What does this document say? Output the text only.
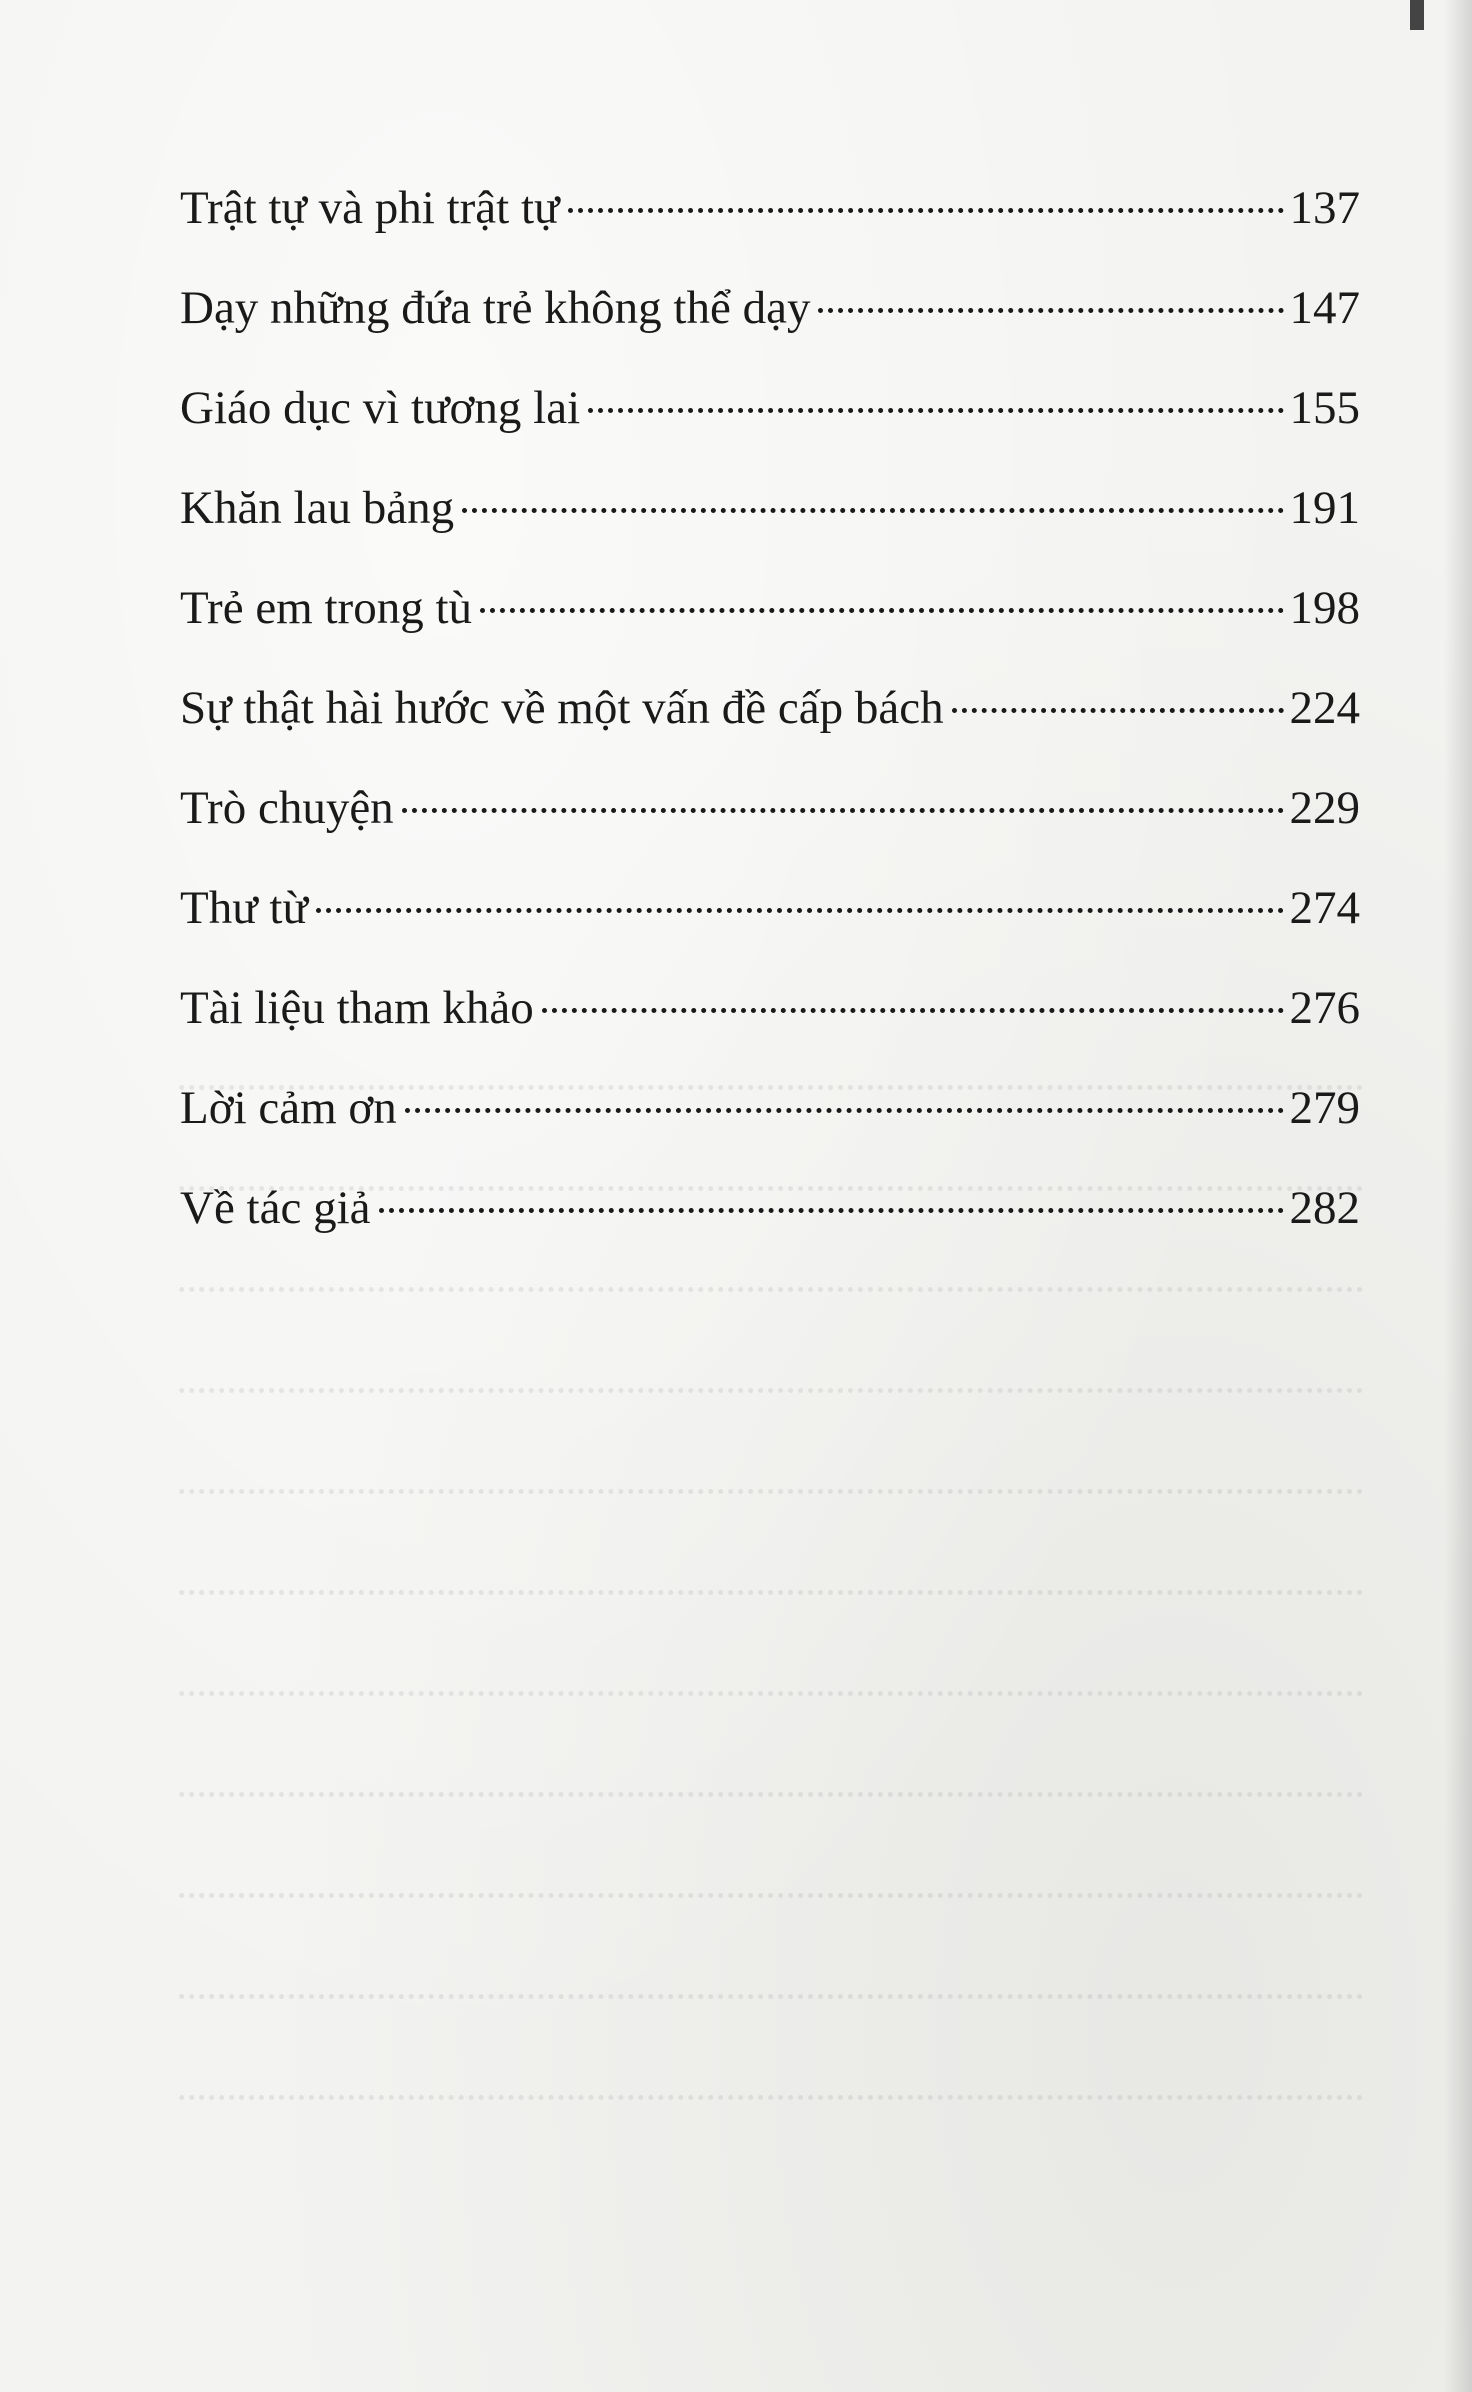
Trật tự và phi trật tự	137
Dạy những đứa trẻ không thể dạy	147
Giáo dục vì tương lai	155
Khăn lau bảng	191
Trẻ em trong tù	198
Sự thật hài hước về một vấn đề cấp bách	224
Trò chuyện	229
Thư từ	274
Tài liệu tham khảo	276
Lời cảm ơn	279
Về tác giả	282
